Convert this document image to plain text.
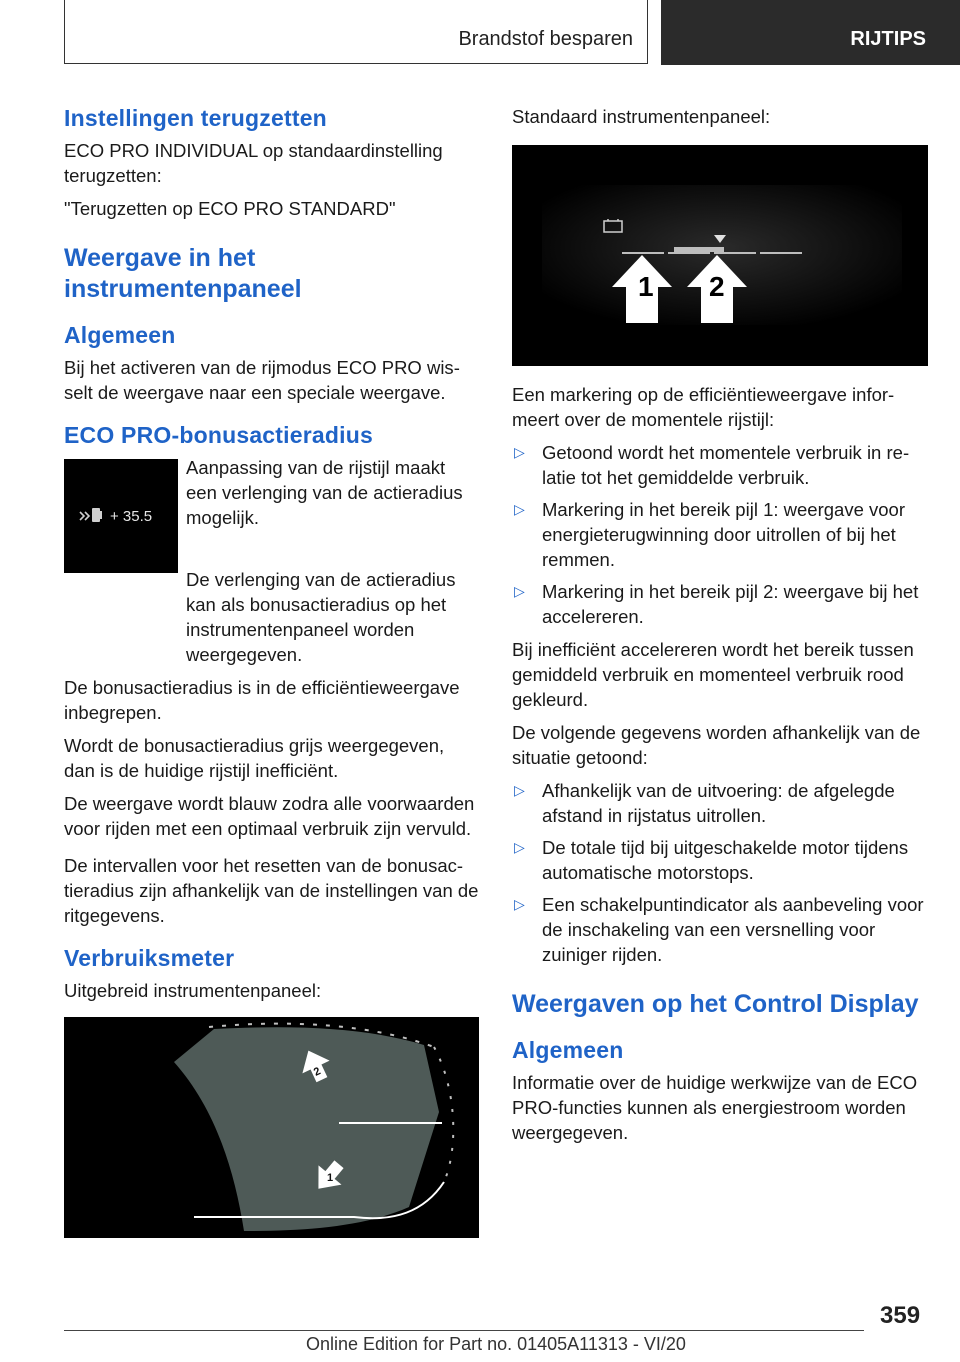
Brandstof besparen	RIJTIPS
Instellingen terugzetten

ECO PRO INDIVIDUAL op standaardinstelling terugzetten:

"Terugzetten op ECO PRO STANDARD"

Weergave in het instrumentenpaneel
Algemeen

Bij het activeren van de rijmodus ECO PRO wisselt de weergave naar een speciale weergave.

ECO PRO-bonusactieradius
+ 35.5

Aanpassing van de rijstijl maakt een verlenging van de actieradius mogelijk.

De verlenging van de actieradius kan als bonusactieradius op het instrumentenpaneel worden weergegeven.

De bonusactieradius is in de efficiëntieweergave inbegrepen.

Wordt de bonusactieradius grijs weergegeven, dan is de huidige rijstijl inefficiënt.

De weergave wordt blauw zodra alle voorwaarden voor rijden met een optimaal verbruik zijn vervuld.

De intervallen voor het resetten van de bonusactieradius zijn afhankelijk van de instellingen van de ritgegevens.

Verbruiksmeter

Uitgebreid instrumentenpaneel:

2
1

Standaard instrumentenpaneel:

1 2

Een markering op de efficiëntieweergave informeert over de momentele rijstijl:

▷ Getoond wordt het momentele verbruik in relatie tot het gemiddelde verbruik.
▷ Markering in het bereik pijl 1: weergave voor energieterugwinning door uitrollen of bij het remmen.
▷ Markering in het bereik pijl 2: weergave bij het accelereren.

Bij inefficiënt accelereren wordt het bereik tussen gemiddeld verbruik en momenteel verbruik rood gekleurd.

De volgende gegevens worden afhankelijk van de situatie getoond:

▷ Afhankelijk van de uitvoering: de afgelegde afstand in rijstatus uitrollen.
▷ De totale tijd bij uitgeschakelde motor tijdens automatische motorstops.
▷ Een schakelpuntindicator als aanbeveling voor de inschakeling van een versnelling voor zuiniger rijden.
Weergaven op het Control Display
Algemeen

Informatie over de huidige werkwijze van de ECO PRO-functies kunnen als energiestroom worden weergegeven.

359
Online Edition for Part no. 01405A11313 - VI/20
